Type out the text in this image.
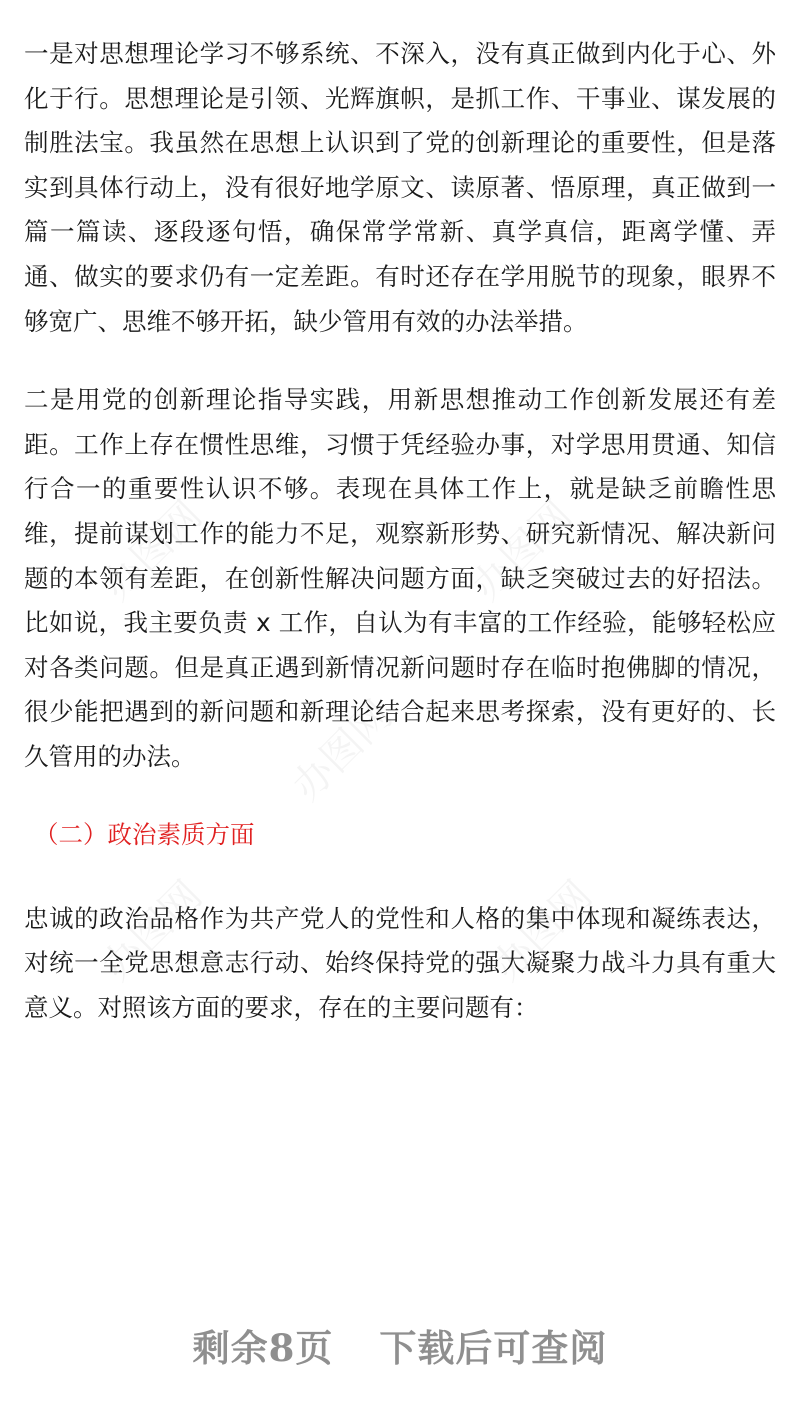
一是对思想理论学习不够系统、不深入，没有真正做到内化于心、外化于行。思想理论是引领、光辉旗帜，是抓工作、干事业、谋发展的制胜法宝。我虽然在思想上认识到了党的创新理论的重要性，但是落实到具体行动上，没有很好地学原文、读原著、悟原理，真正做到一篇一篇读、逐段逐句悟，确保常学常新、真学真信，距离学懂、弄通、做实的要求仍有一定差距。有时还存在学用脱节的现象，眼界不够宽广、思维不够开拓，缺少管用有效的办法举措。

二是用党的创新理论指导实践，用新思想推动工作创新发展还有差距。工作上存在惯性思维，习惯于凭经验办事，对学思用贯通、知信行合一的重要性认识不够。表现在具体工作上，就是缺乏前瞻性思维，提前谋划工作的能力不足，观察新形势、研究新情况、解决新问题的本领有差距，在创新性解决问题方面，缺乏突破过去的好招法。比如说，我主要负责 x 工作，自认为有丰富的工作经验，能够轻松应对各类问题。但是真正遇到新情况新问题时存在临时抱佛脚的情况，很少能把遇到的新问题和新理论结合起来思考探索，没有更好的、长久管用的办法。

（二）政治素质方面

忠诚的政治品格作为共产党人的党性和人格的集中体现和凝练表达，对统一全党思想意志行动、始终保持党的强大凝聚力战斗力具有重大意义。对照该方面的要求，存在的主要问题有：

剩余8页 下载后可查阅
